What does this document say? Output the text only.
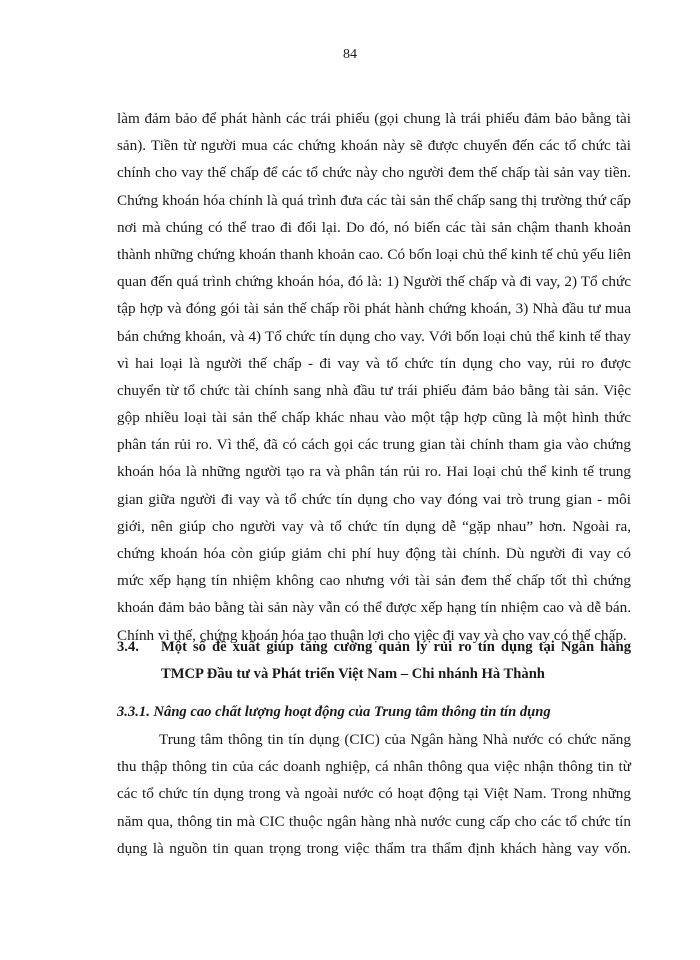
84
làm đảm bảo để phát hành các trái phiếu (gọi chung là trái phiếu đảm bảo bằng tài
sản). Tiền từ người mua các chứng khoán này sẽ được chuyển đến các tổ chức tài
chính cho vay thế chấp để các tổ chức này cho người đem thế chấp tài sản vay tiền.
Chứng khoán hóa chính là quá trình đưa các tài sản thế chấp sang thị trường thứ cấp
nơi mà chúng có thể trao đi đổi lại. Do đó, nó biến các tài sản chậm thanh khoản
thành những chứng khoán thanh khoản cao. Có bốn loại chủ thể kinh tế chủ yếu liên
quan đến quá trình chứng khoán hóa, đó là: 1) Người thế chấp và đi vay, 2) Tổ chức
tập hợp và đóng gói tài sản thế chấp rồi phát hành chứng khoán, 3) Nhà đầu tư mua
bán chứng khoán, và 4) Tổ chức tín dụng cho vay. Với bốn loại chủ thể kinh tế thay
vì hai loại là người thế chấp - đi vay và tổ chức tín dụng cho vay, rủi ro được
chuyển từ tổ chức tài chính sang nhà đầu tư trái phiếu đảm bảo bằng tài sản. Việc
gộp nhiều loại tài sản thế chấp khác nhau vào một tập hợp cũng là một hình thức
phân tán rủi ro. Vì thế, đã có cách gọi các trung gian tài chính tham gia vào chứng
khoán hóa là những người tạo ra và phân tán rủi ro. Hai loại chủ thể kinh tế trung
gian giữa người đi vay và tổ chức tín dụng cho vay đóng vai trò trung gian - môi
giới, nên giúp cho người vay và tổ chức tín dụng dễ “gặp nhau” hơn. Ngoài ra,
chứng khoán hóa còn giúp giảm chi phí huy động tài chính. Dù người đi vay có
mức xếp hạng tín nhiệm không cao nhưng với tài sản đem thế chấp tốt thì chứng
khoán đảm bảo bằng tài sản này vẫn có thể được xếp hạng tín nhiệm cao và dễ bán.
Chính vì thế, chứng khoán hóa tạo thuận lợi cho việc đi vay và cho vay có thế chấp.
3.4. Một số đề xuất giúp tăng cường quản lý rủi ro tín dụng tại Ngân hàng
TMCP Đầu tư và Phát triển Việt Nam – Chi nhánh Hà Thành
3.3.1. Nâng cao chất lượng hoạt động của Trung tâm thông tin tín dụng
Trung tâm thông tin tín dụng (CIC) của Ngân hàng Nhà nước có chức năng
thu thập thông tin của các doanh nghiệp, cá nhân thông qua việc nhận thông tin từ
các tổ chức tín dụng trong và ngoài nước có hoạt động tại Việt Nam. Trong những
năm qua, thông tin mà CIC thuộc ngân hàng nhà nước cung cấp cho các tổ chức tín
dụng là nguồn tin quan trọng trong việc thẩm tra thẩm định khách hàng vay vốn.
